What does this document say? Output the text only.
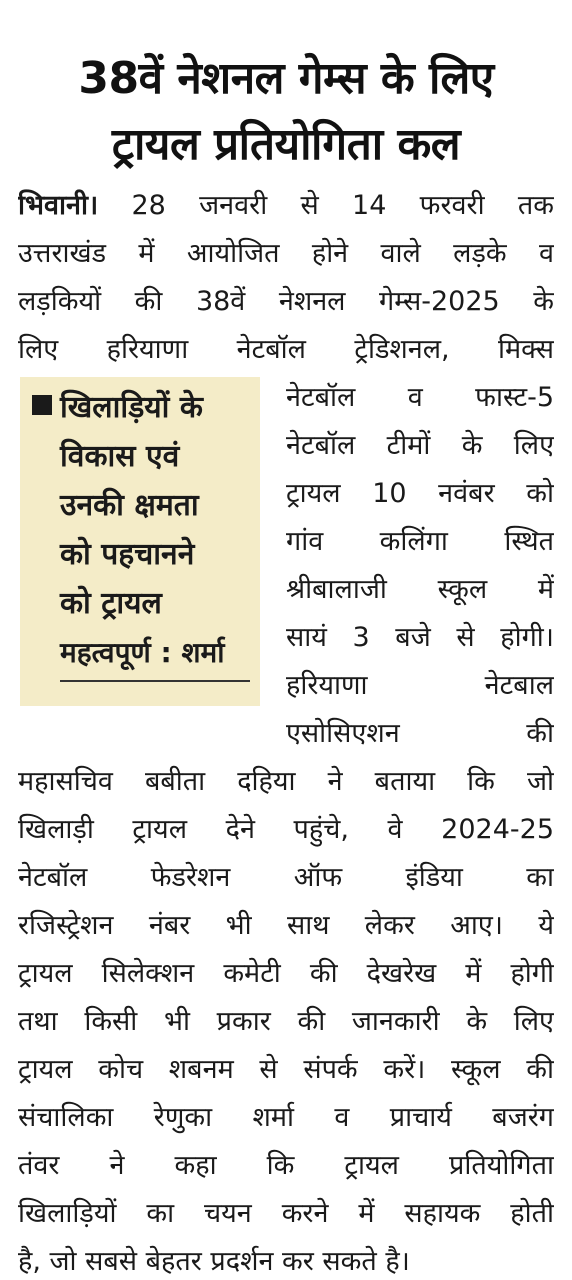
38वें नेशनल गेम्स के लिए
ट्रायल प्रतियोगिता कल
भिवानी। 28 जनवरी से 14 फरवरी तक
उत्तराखंड में आयोजित होने वाले लड़के व
लड़कियों की 38वें नेशनल गेम्स-2025 के
लिए हरियाणा नेटबॉल ट्रेडिशनल, मिक्स
खिलाड़ियों के
विकास एवं
उनकी क्षमता
को पहचानने
को ट्रायल
महत्वपूर्ण : शर्मा
नेटबॉल व फास्ट-5
नेटबॉल टीमों के लिए
ट्रायल 10 नवंबर को
गांव कलिंगा स्थित
श्रीबालाजी स्कूल में
सायं 3 बजे से होगी।
हरियाणा नेटबाल
एसोसिएशन की
महासचिव बबीता दहिया ने बताया कि जो
खिलाड़ी ट्रायल देने पहुंचे, वे 2024-25
नेटबॉल फेडरेशन ऑफ इंडिया का
रजिस्ट्रेशन नंबर भी साथ लेकर आए। ये
ट्रायल सिलेक्शन कमेटी की देखरेख में होगी
तथा किसी भी प्रकार की जानकारी के लिए
ट्रायल कोच शबनम से संपर्क करें। स्कूल की
संचालिका रेणुका शर्मा व प्राचार्य बजरंग
तंवर ने कहा कि ट्रायल प्रतियोगिता
खिलाड़ियों का चयन करने में सहायक होती
है, जो सबसे बेहतर प्रदर्शन कर सकते है।
